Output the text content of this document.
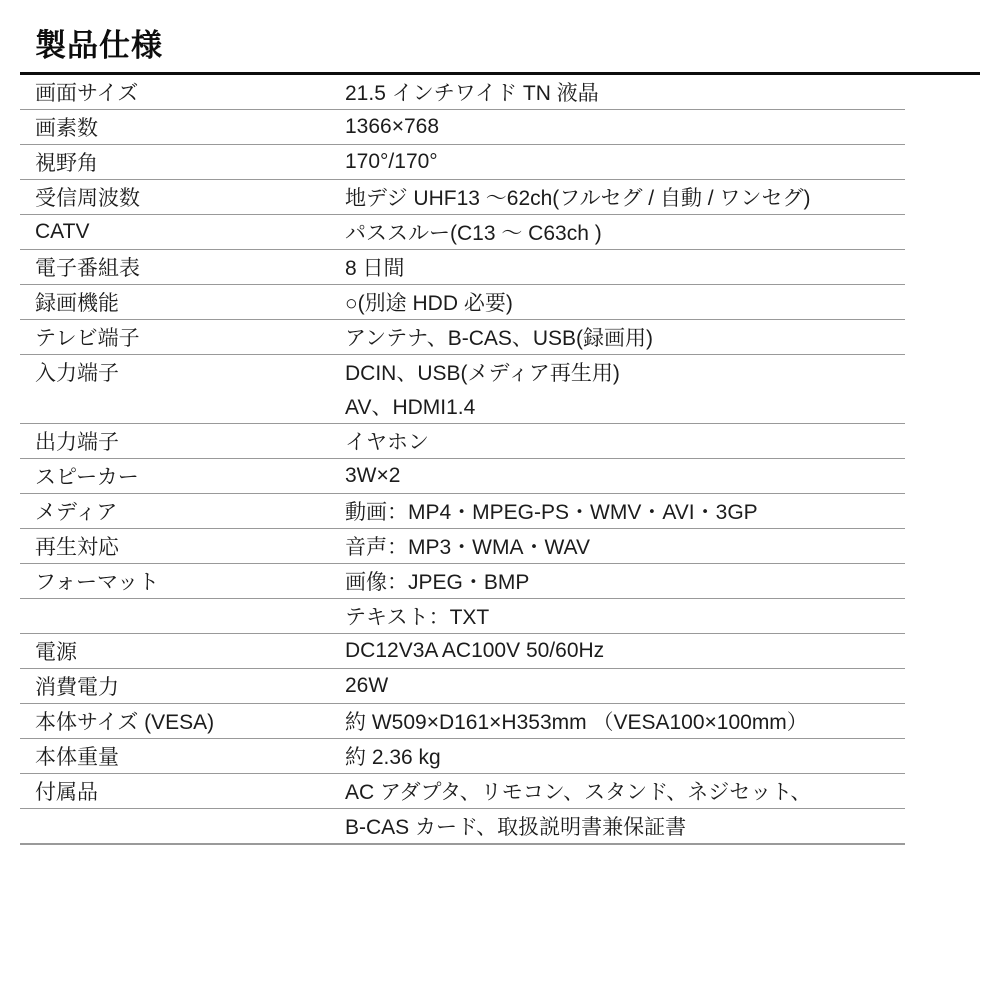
製品仕様
画面サイズ	21.5 インチワイド TN 液晶
画素数	1366×768
視野角	170°/170°
受信周波数	地デジ UHF13 ～62ch(フルセグ / 自動 / ワンセグ)
CATV	パススルー(C13 ～ C63ch )
電子番組表	8 日間
録画機能	○(別途 HDD 必要)
テレビ端子	アンテナ、B-CAS、USB(録画用)
入力端子	DCIN、USB(メディア再生用)
AV、HDMI1.4
出力端子	イヤホン
スピーカー	3W×2
メディア	動画：MP4・MPEG-PS・WMV・AVI・3GP
再生対応	音声：MP3・WMA・WAV
フォーマット	画像：JPEG・BMP
テキスト：TXT
電源	DC12V3A AC100V 50/60Hz
消費電力	26W
本体サイズ (VESA)	約 W509×D161×H353mm （VESA100×100mm）
本体重量	約 2.36 kg
付属品	AC アダプタ、リモコン、スタンド、ネジセット、
B-CAS カード、取扱説明書兼保証書
